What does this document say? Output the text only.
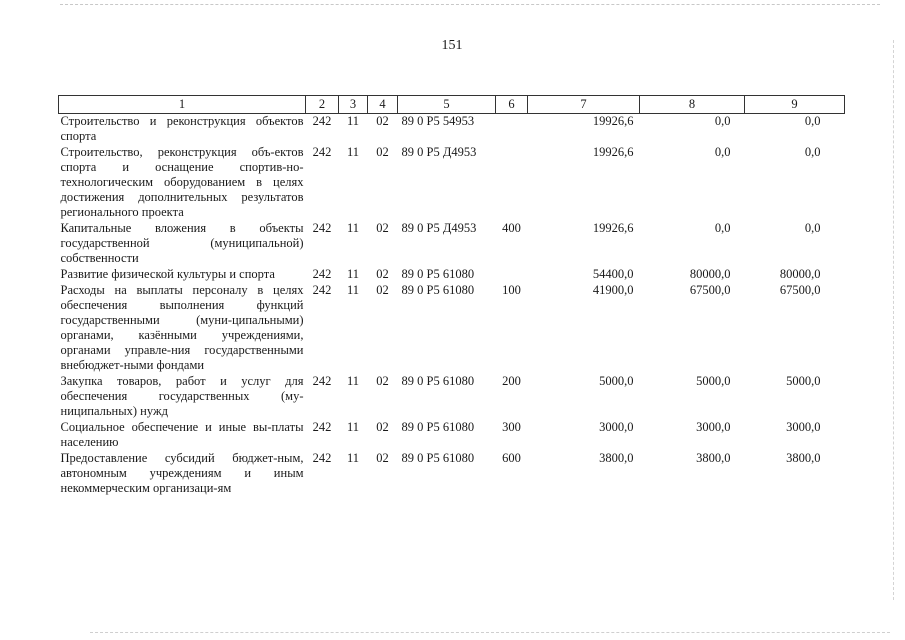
151
1	2	3	4	5	6	7	8	9
Строительство и реконструкция объектов спорта	242	11	02	89 0 Р5 54953		19926,6	0,0	0,0
Строительство, реконструкция объ-ектов спорта и оснащение спортив-но-технологическим оборудованием в целях достижения дополнительных результатов регионального проекта	242	11	02	89 0 Р5 Д4953		19926,6	0,0	0,0
Капитальные вложения в объекты государственной (муниципальной) собственности	242	11	02	89 0 Р5 Д4953	400	19926,6	0,0	0,0
Развитие физической культуры и спорта	242	11	02	89 0 Р5 61080		54400,0	80000,0	80000,0
Расходы на выплаты персоналу в целях обеспечения выполнения функций государственными (муни-ципальными) органами, казёнными учреждениями, органами управле-ния государственными внебюджет-ными фондами	242	11	02	89 0 Р5 61080	100	41900,0	67500,0	67500,0
Закупка товаров, работ и услуг для обеспечения государственных (му-ниципальных) нужд	242	11	02	89 0 Р5 61080	200	5000,0	5000,0	5000,0
Социальное обеспечение и иные вы-платы населению	242	11	02	89 0 Р5 61080	300	3000,0	3000,0	3000,0
Предоставление субсидий бюджет-ным, автономным учреждениям и иным некоммерческим организаци-ям	242	11	02	89 0 Р5 61080	600	3800,0	3800,0	3800,0
